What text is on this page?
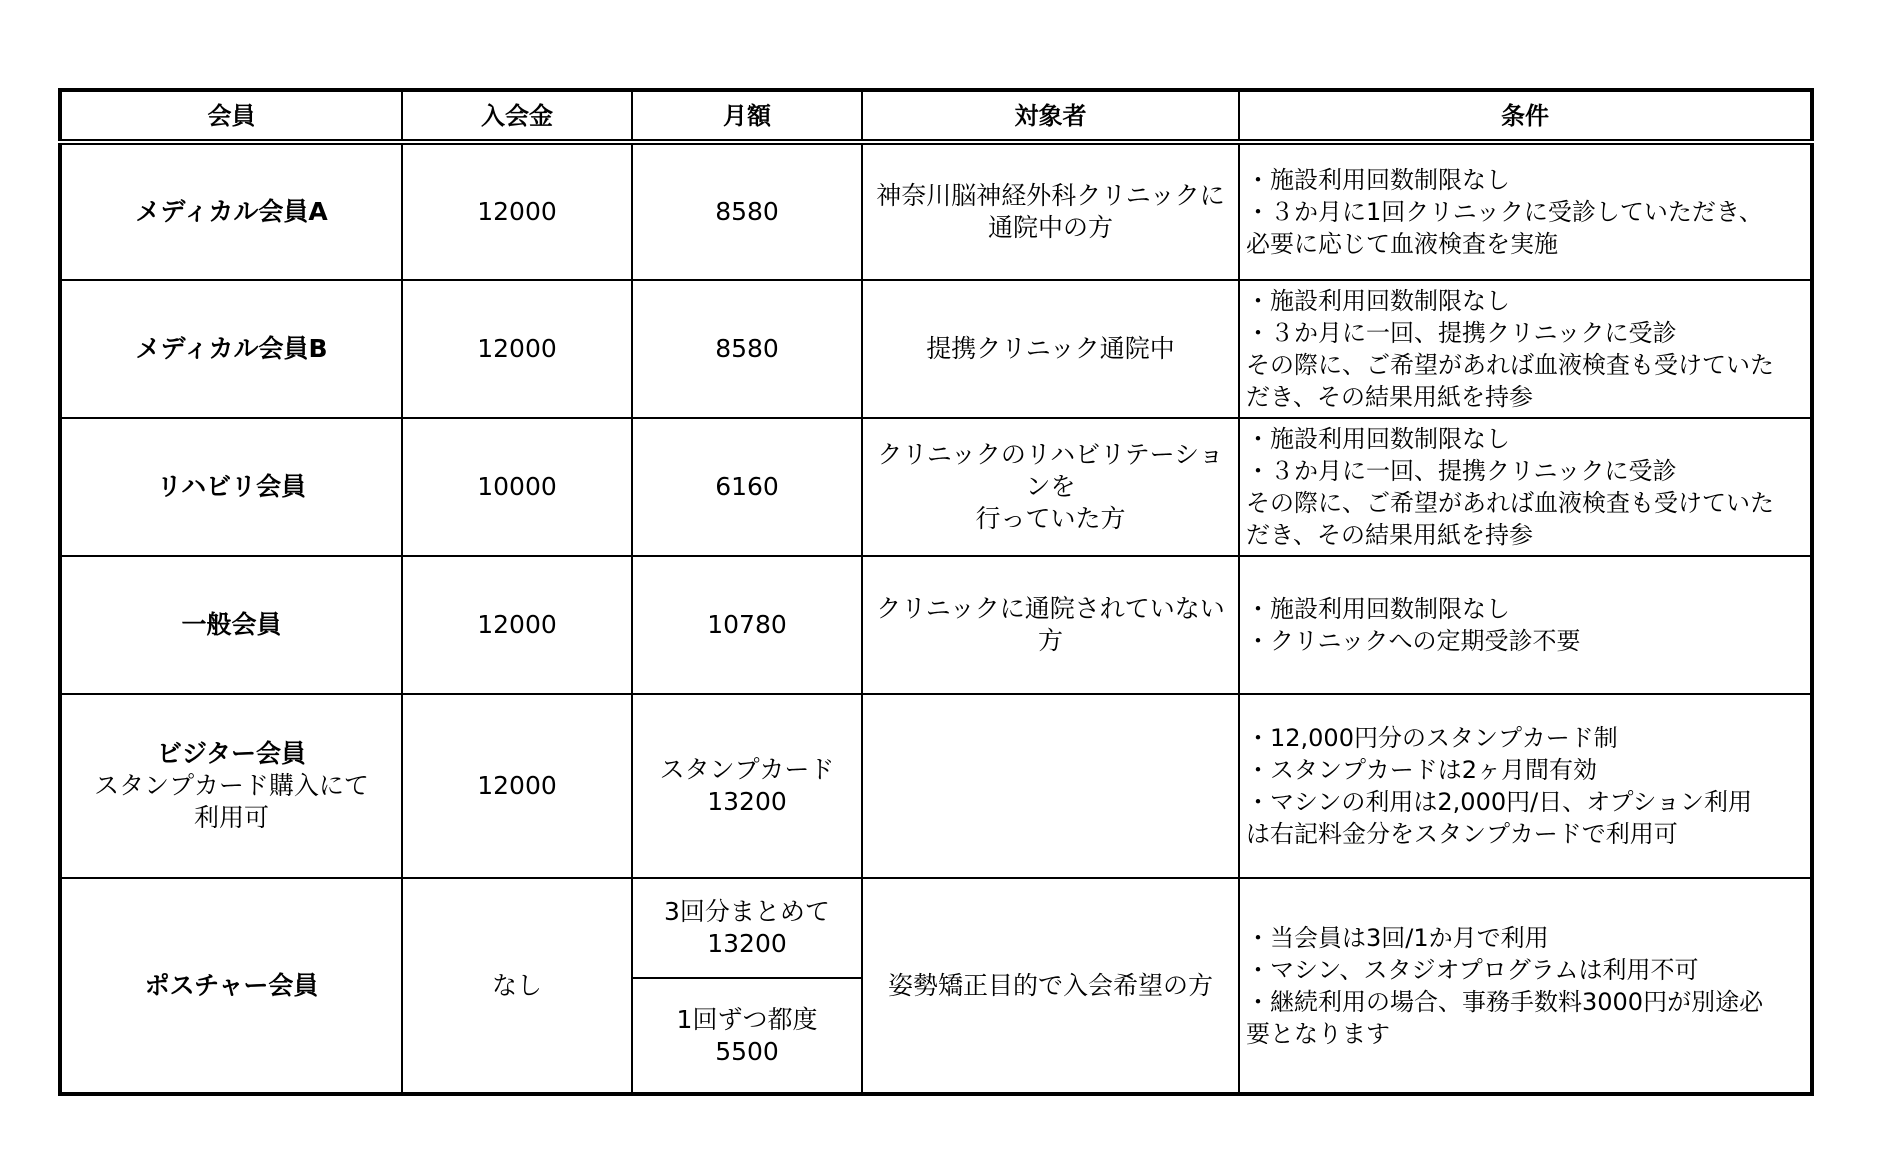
会員	入会金	月額	対象者	条件

メディカル会員A	12000	8580	神奈川脳神経外科クリニックに
通院中の方	・施設利用回数制限なし
・３か月に1回クリニックに受診していただき、
必要に応じて血液検査を実施

メディカル会員B	12000	8580	提携クリニック通院中	・施設利用回数制限なし
・３か月に一回、提携クリニックに受診
その際に、ご希望があれば血液検査も受けていた
だき、その結果用紙を持参

リハビリ会員	10000	6160	クリニックのリハビリテーショ
ンを
行っていた方	・施設利用回数制限なし
・３か月に一回、提携クリニックに受診
その際に、ご希望があれば血液検査も受けていた
だき、その結果用紙を持参

一般会員	12000	10780	クリニックに通院されていない
方	・施設利用回数制限なし
・クリニックへの定期受診不要

ビジター会員
スタンプカード購入にて
利用可	12000	スタンプカード
13200		・12,000円分のスタンプカード制
・スタンプカードは2ヶ月間有効
・マシンの利用は2,000円/日、オプション利用
は右記料金分をスタンプカードで利用可

ポスチャー会員	なし	3回分まとめて
13200	姿勢矯正目的で入会希望の方	・当会員は3回/1か月で利用
・マシン、スタジオプログラムは利用不可
・継続利用の場合、事務手数料3000円が別途必
要となります

		1回ずつ都度
5500		
